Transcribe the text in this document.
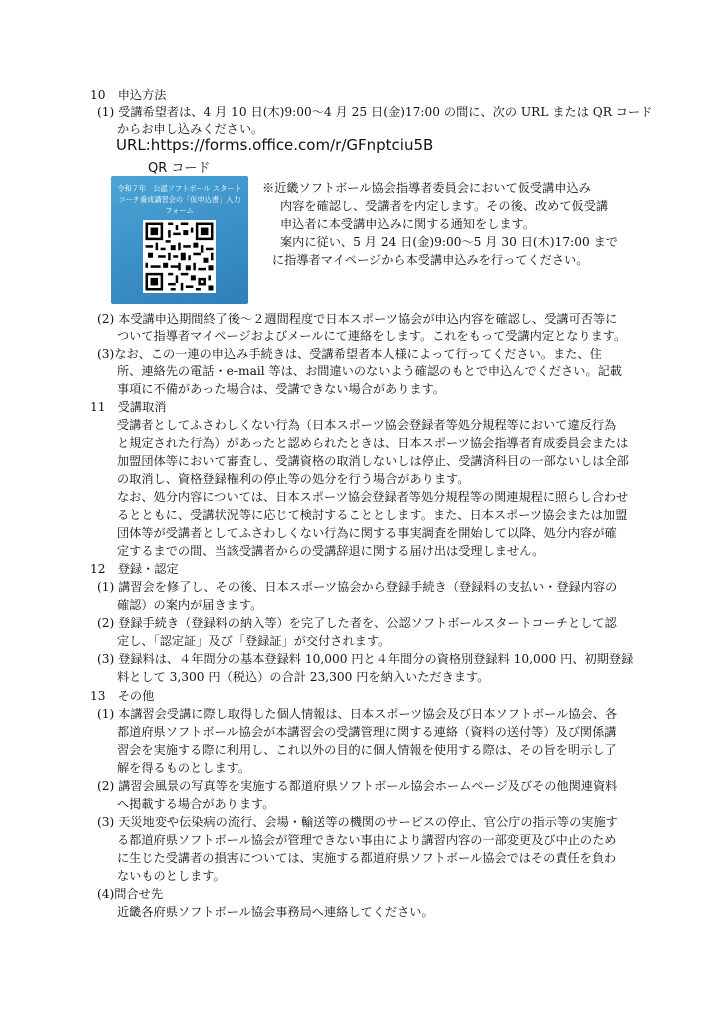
10　申込方法
(1) 受講希望者は、4 月 10 日(木)9:00～4 月 25 日(金)17:00 の間に、次の URL または QR コード
からお申し込みください。
(2) 本受講申込期間終了後～２週間程度で日本スポーツ協会が申込内容を確認し、受講可否等に
ついて指導者マイページおよびメールにて連絡をします。これをもって受講内定となります。
(3)なお、この一連の申込み手続きは、受講希望者本人様によって行ってください。また、住
所、連絡先の電話・e-mail 等は、お間違いのないよう確認のもとで申込んでください。記載
事項に不備があった場合は、受講できない場合があります。
11　受講取消
受講者としてふさわしくない行為（日本スポーツ協会登録者等処分規程等において違反行為
と規定された行為）があったと認められたときは、日本スポーツ協会指導者育成委員会または
加盟団体等において審査し、受講資格の取消しないしは停止、受講済科目の一部ないしは全部
の取消し、資格登録権利の停止等の処分を行う場合があります。
なお、処分内容については、日本スポーツ協会登録者等処分規程等の関連規程に照らし合わせ
るとともに、受講状況等に応じて検討することとします。また、日本スポーツ協会または加盟
団体等が受講者としてふさわしくない行為に関する事実調査を開始して以降、処分内容が確
定するまでの間、当該受講者からの受講辞退に関する届け出は受理しません。
12　登録・認定
(1) 講習会を修了し、その後、日本スポーツ協会から登録手続き（登録料の支払い・登録内容の
確認）の案内が届きます。
(2) 登録手続き（登録料の納入等）を完了した者を、公認ソフトボールスタートコーチとして認
定し、「認定証」及び「登録証」が交付されます。
(3) 登録料は、４年間分の基本登録料 10,000 円と４年間分の資格別登録料 10,000 円、初期登録
料として 3,300 円（税込）の合計 23,300 円を納入いただきます。
13　その他
(1) 本講習会受講に際し取得した個人情報は、日本スポーツ協会及び日本ソフトボール協会、各
都道府県ソフトボール協会が本講習会の受講管理に関する連絡（資料の送付等）及び関係講
習会を実施する際に利用し、これ以外の目的に個人情報を使用する際は、その旨を明示し了
解を得るものとします。
(2) 講習会風景の写真等を実施する都道府県ソフトボール協会ホームページ及びその他関連資料
へ掲載する場合があります。
(3) 天災地変や伝染病の流行、会場・輸送等の機関のサービスの停止、官公庁の指示等の実施す
る都道府県ソフトボール協会が管理できない事由により講習内容の一部変更及び中止のため
に生じた受講者の損害については、実施する都道府県ソフトボール協会ではその責任を負わ
ないものとします。
(4)問合せ先
近畿各府県ソフトボール協会事務局へ連絡してください。
URL:https://forms.office.com/r/GFnptciu5B
QR コード
令和７年　公認ソフトボール スタート
コーチ養成講習会の「仮申込書」入力
フォーム
※近畿ソフトボール協会指導者委員会において仮受講申込み
内容を確認し、受講者を内定します。その後、改めて仮受講
申込者に本受講申込みに関する通知をします。
案内に従い、5 月 24 日(金)9:00～5 月 30 日(木)17:00 まで
に指導者マイページから本受講申込みを行ってください。
